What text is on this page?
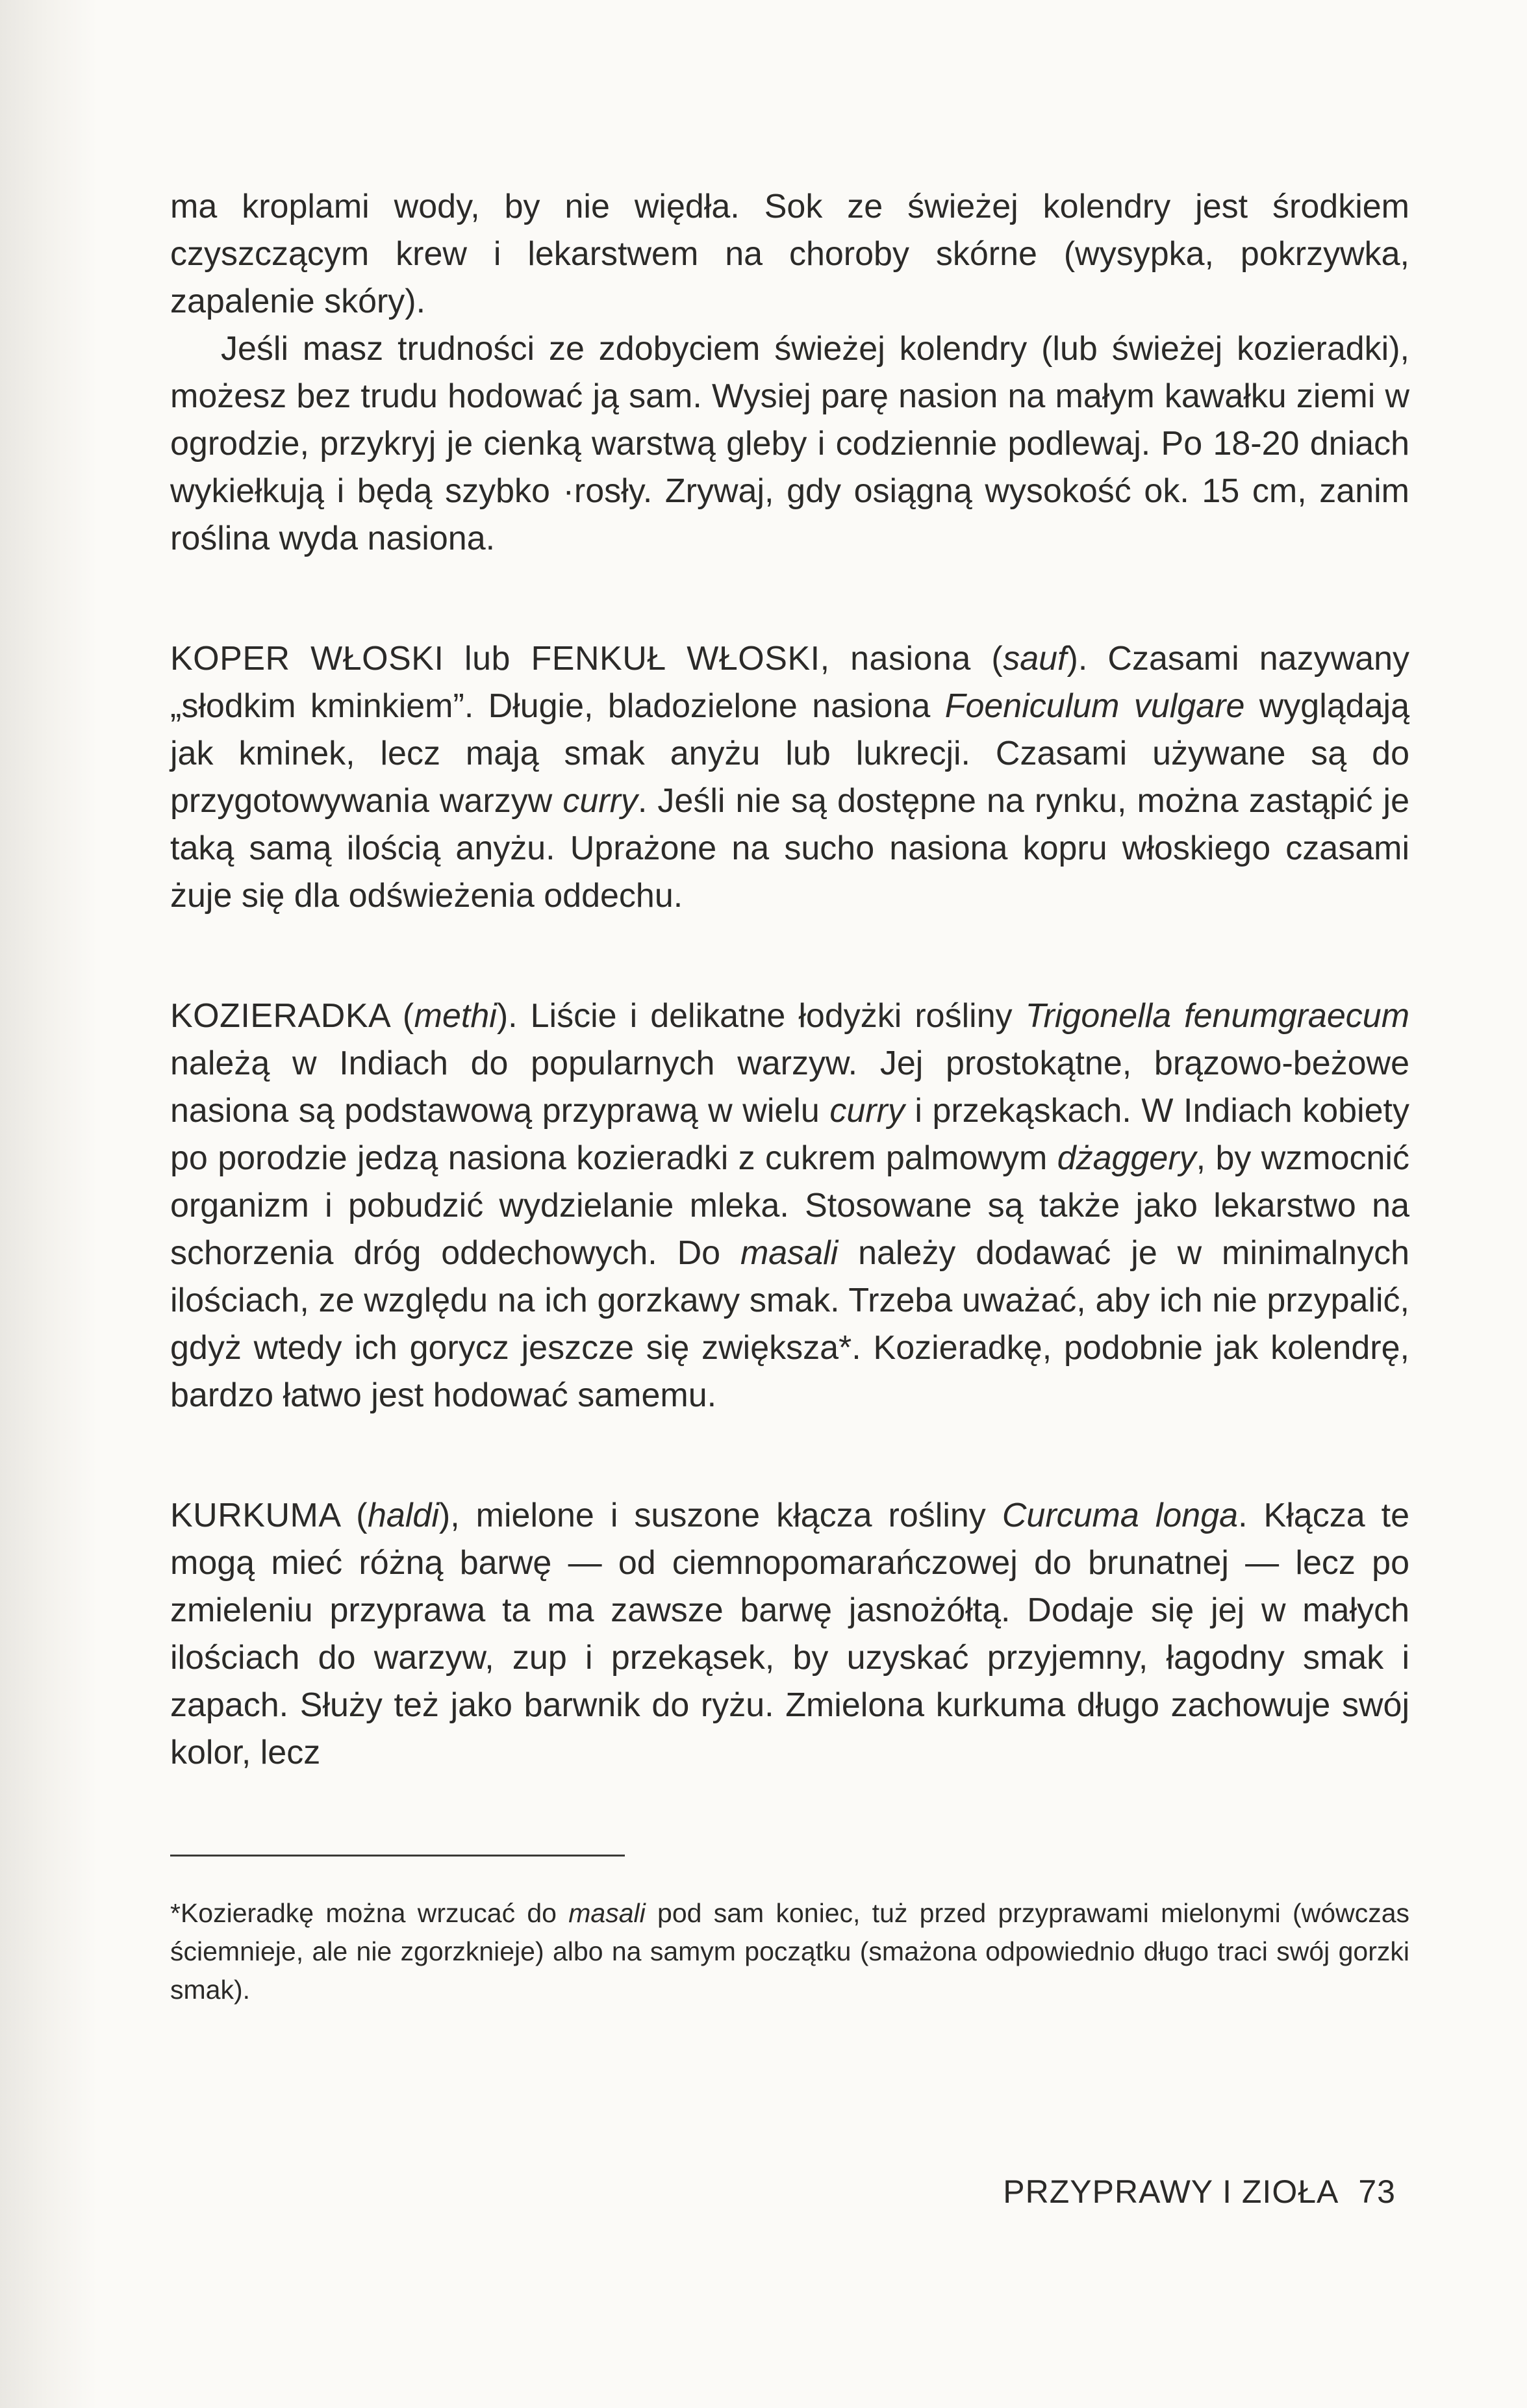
ma kroplami wody, by nie więdła. Sok ze świeżej kolendry jest środkiem czyszczącym krew i lekarstwem na choroby skórne (wysypka, pokrzywka, zapalenie skóry).

Jeśli masz trudności ze zdobyciem świeżej kolendry (lub świeżej kozieradki), możesz bez trudu hodować ją sam. Wysiej parę nasion na małym kawałku ziemi w ogrodzie, przykryj je cienką warstwą gleby i codziennie podlewaj. Po 18-20 dniach wykiełkują i będą szybko ·rosły. Zrywaj, gdy osiągną wysokość ok. 15 cm, zanim roślina wyda nasiona.

KOPER WŁOSKI lub FENKUŁ WŁOSKI, nasiona (sauf). Czasami nazywany „słodkim kminkiem”. Długie, bladozielone nasiona Foeniculum vulgare wyglądają jak kminek, lecz mają smak anyżu lub lukrecji. Czasami używane są do przygotowywania warzyw curry. Jeśli nie są dostępne na rynku, można zastąpić je taką samą ilością anyżu. Uprażone na sucho nasiona kopru włoskiego czasami żuje się dla odświeżenia oddechu.

KOZIERADKA (methi). Liście i delikatne łodyżki rośliny Trigonella fenumgraecum należą w Indiach do popularnych warzyw. Jej prostokątne, brązowo-beżowe nasiona są podstawową przyprawą w wielu curry i przekąskach. W Indiach kobiety po porodzie jedzą nasiona kozieradki z cukrem palmowym dżaggery, by wzmocnić organizm i pobudzić wydzielanie mleka. Stosowane są także jako lekarstwo na schorzenia dróg oddechowych. Do masali należy dodawać je w minimalnych ilościach, ze względu na ich gorzkawy smak. Trzeba uważać, aby ich nie przypalić, gdyż wtedy ich gorycz jeszcze się zwiększa*. Kozieradkę, podobnie jak kolendrę, bardzo łatwo jest hodować samemu.

KURKUMA (haldi), mielone i suszone kłącza rośliny Curcuma longa. Kłącza te mogą mieć różną barwę — od ciemnopomarańczowej do brunatnej — lecz po zmieleniu przyprawa ta ma zawsze barwę jasnożółtą. Dodaje się jej w małych ilościach do warzyw, zup i przekąsek, by uzyskać przyjemny, łagodny smak i zapach. Służy też jako barwnik do ryżu. Zmielona kurkuma długo zachowuje swój kolor, lecz

*Kozieradkę można wrzucać do masali pod sam koniec, tuż przed przyprawami mielonymi (wówczas ściemnieje, ale nie zgorzknieje) albo na samym początku (smażona odpowiednio długo traci swój gorzki smak).

PRZYPRAWY I ZIOŁA 73
